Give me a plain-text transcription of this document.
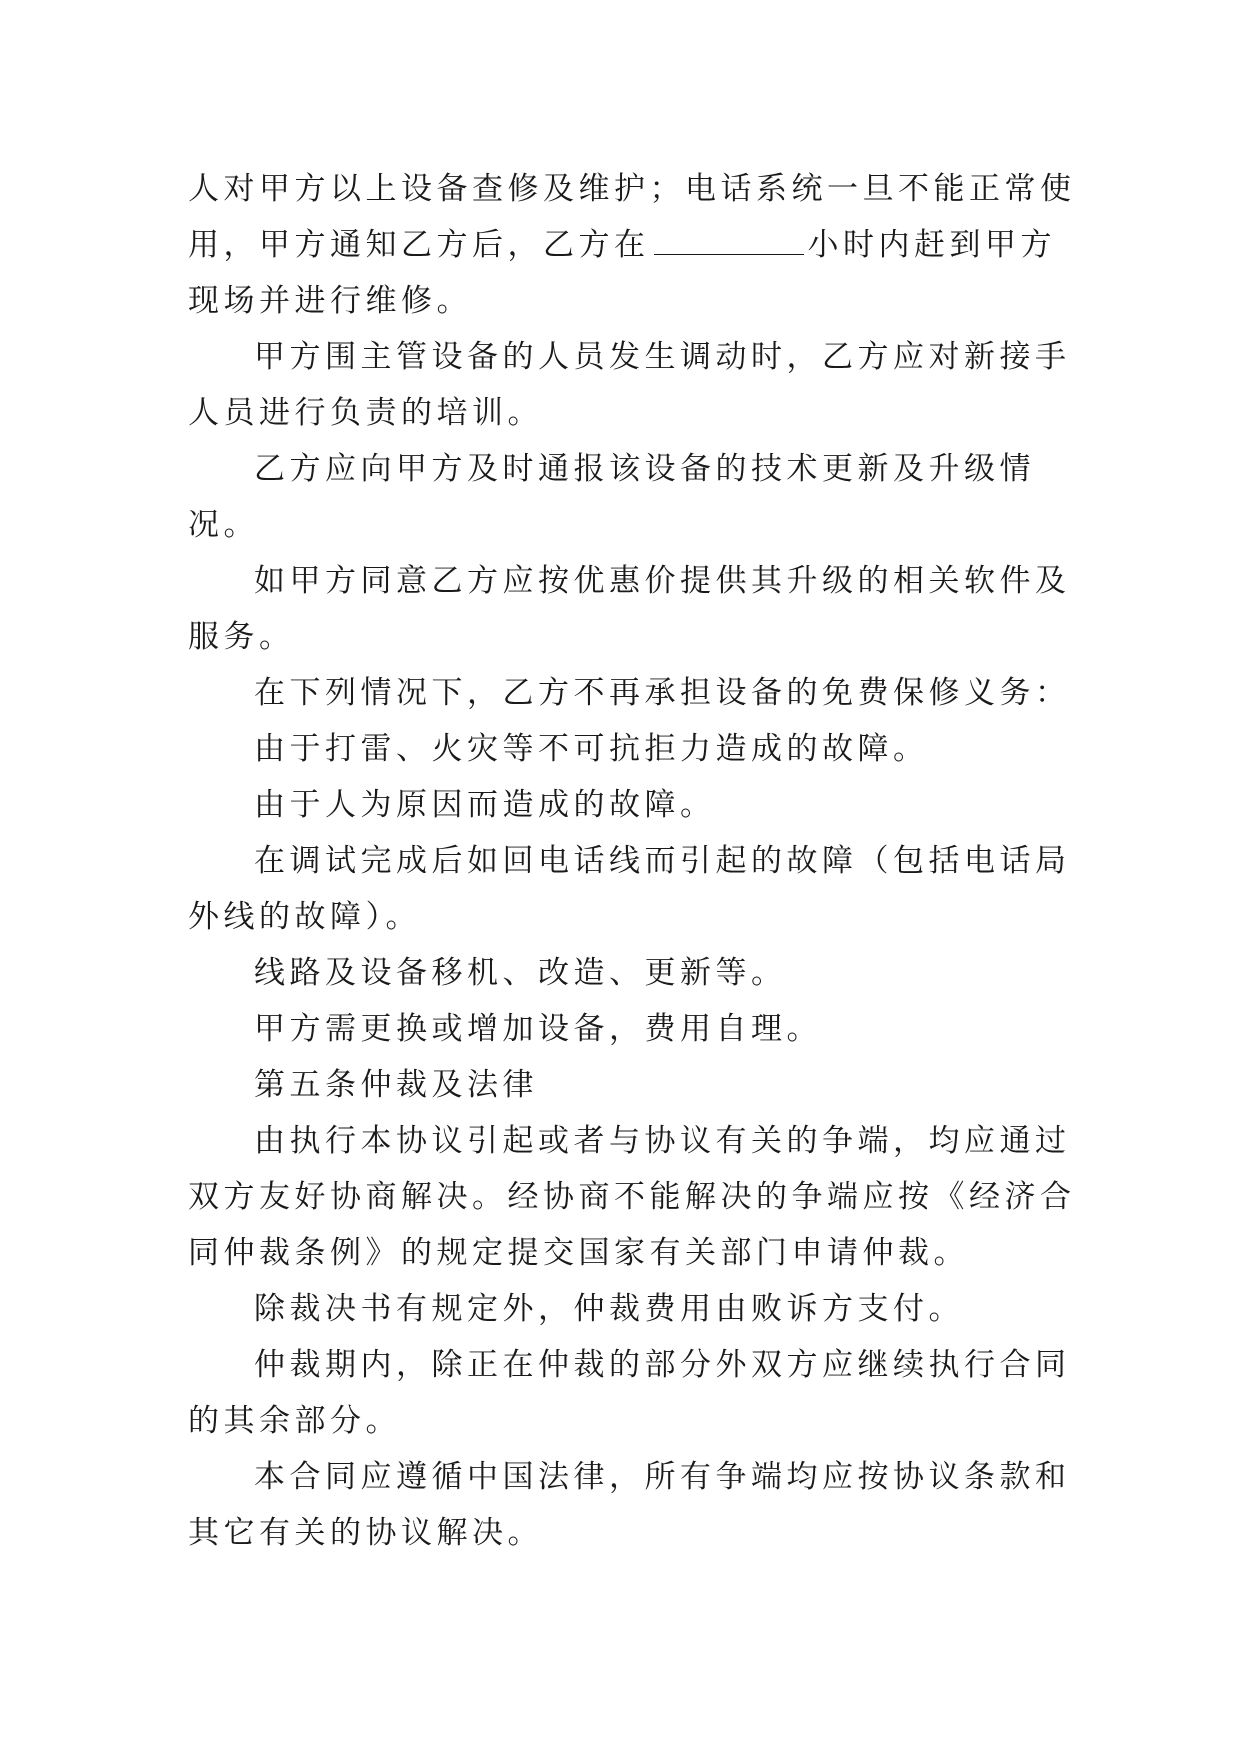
人对甲方以上设备查修及维护；电话系统一旦不能正常使用，甲方通知乙方后，乙方在	小时内赶到甲方现场并进行维修。

甲方围主管设备的人员发生调动时，乙方应对新接手人员进行负责的培训。

乙方应向甲方及时通报该设备的技术更新及升级情况。

如甲方同意乙方应按优惠价提供其升级的相关软件及服务。

在下列情况下，乙方不再承担设备的免费保修义务：

由于打雷、火灾等不可抗拒力造成的故障。

由于人为原因而造成的故障。

在调试完成后如回电话线而引起的故障（包括电话局外线的故障）。

线路及设备移机、改造、更新等。

甲方需更换或增加设备，费用自理。

第五条仲裁及法律

由执行本协议引起或者与协议有关的争端，均应通过双方友好协商解决。经协商不能解决的争端应按《经济合同仲裁条例》的规定提交国家有关部门申请仲裁。

除裁决书有规定外，仲裁费用由败诉方支付。

仲裁期内，除正在仲裁的部分外双方应继续执行合同的其余部分。

本合同应遵循中国法律，所有争端均应按协议条款和其它有关的协议解决。
